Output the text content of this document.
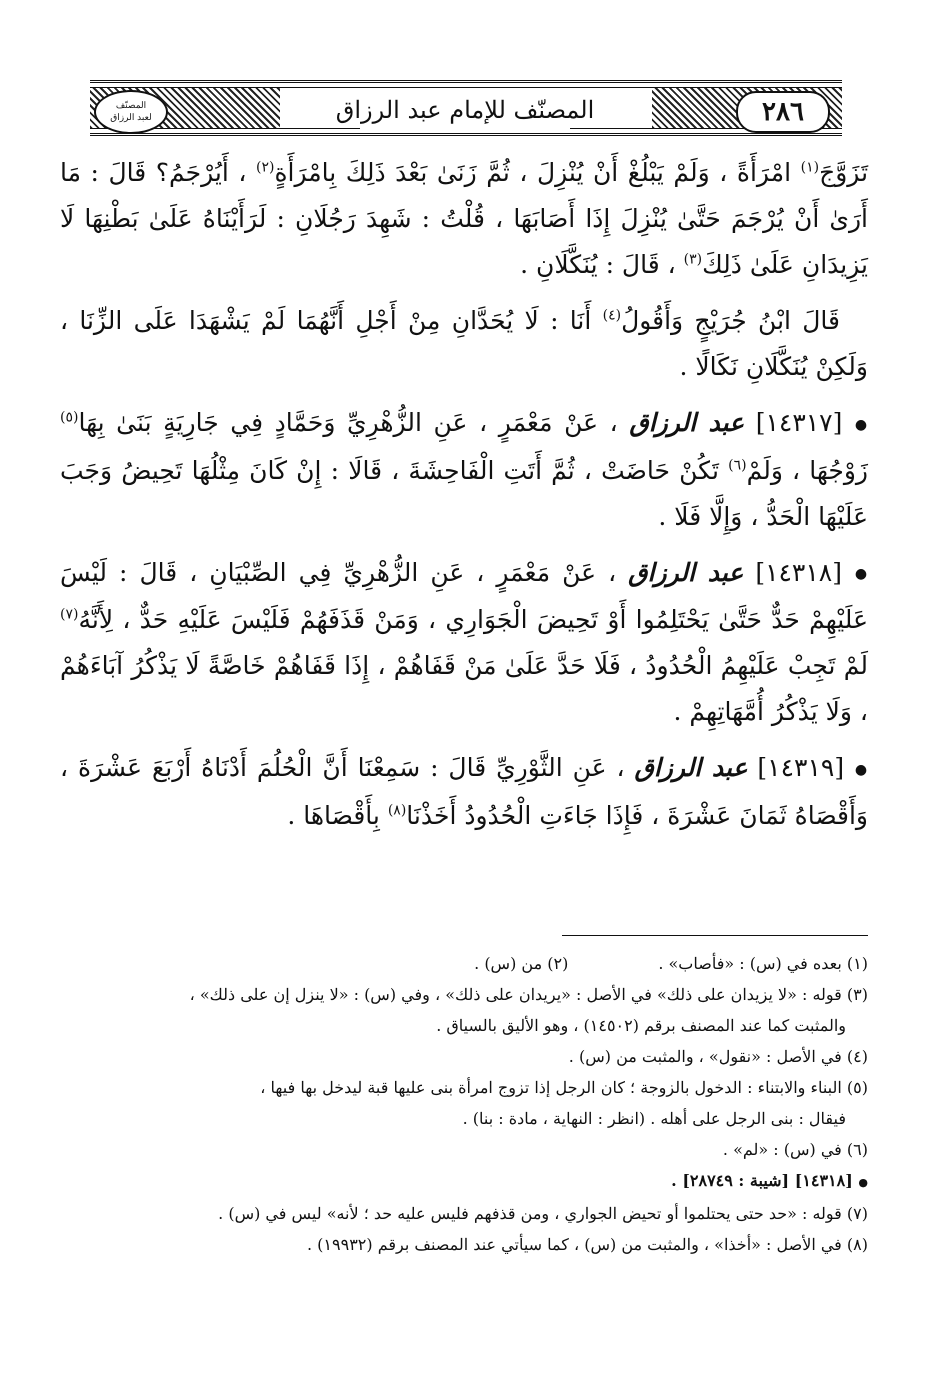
المصنّف
لعبد الرزاق	المصنّف للإمام عبد الرزاق	٢٨٦

تَزَوَّجَ$^{(١)}$ امْرَأَةً ، وَلَمْ يَبْلُغْ أَنْ يُنْزِلَ ، ثُمَّ زَنَىٰ بَعْدَ ذَلِكَ بِامْرَأَةٍ$^{(٢)}$ ، أَيُرْجَمُ؟ قَالَ : مَا أَرَىٰ أَنْ يُرْجَمَ حَتَّىٰ يُنْزِلَ إِذَا أَصَابَهَا ، قُلْتُ : شَهِدَ رَجُلَانِ : لَرَأَيْنَاهُ عَلَىٰ بَطْنِهَا لَا يَزِيدَانِ عَلَىٰ ذَلِكَ$^{(٣)}$ ، قَالَ : يُنَكَّلَانِ .

قَالَ ابْنُ جُرَيْجٍ وَأَقُولُ$^{(٤)}$ أَنَا : لَا يُحَدَّانِ مِنْ أَجْلِ أَنَّهُمَا لَمْ يَشْهَدَا عَلَى الزِّنَا ، وَلَكِنْ يُنَكَّلَانِ نَكَالًا .

● [١٤٣١٧] عبد الرزاق ، عَنْ مَعْمَرٍ ، عَنِ الزُّهْرِيِّ وَحَمَّادٍ فِي جَارِيَةٍ بَنَىٰ بِهَا$^{(٥)}$ زَوْجُهَا ، وَلَمْ$^{(٦)}$ تَكُنْ حَاضَتْ ، ثُمَّ أَتَتِ الْفَاحِشَةَ ، قَالَا : إِنْ كَانَ مِثْلُهَا تَحِيضُ وَجَبَ عَلَيْهَا الْحَدُّ ، وَإِلَّا فَلَا .

● [١٤٣١٨] عبد الرزاق ، عَنْ مَعْمَرٍ ، عَنِ الزُّهْرِيِّ فِي الصِّبْيَانِ ، قَالَ : لَيْسَ عَلَيْهِمْ حَدٌّ حَتَّىٰ يَحْتَلِمُوا أَوْ تَحِيضَ الْجَوَارِي ، وَمَنْ قَذَفَهُمْ فَلَيْسَ عَلَيْهِ حَدٌّ ، لِأَنَّهُ$^{(٧)}$ لَمْ تَجِبْ عَلَيْهِمُ الْحُدُودُ ، فَلَا حَدَّ عَلَىٰ مَنْ قَفَاهُمْ ، إِذَا قَفَاهُمْ خَاصَّةً لَا يَذْكُرُ آبَاءَهُمْ ، وَلَا يَذْكُرُ أُمَّهَاتِهِمْ .

● [١٤٣١٩] عبد الرزاق ، عَنِ الثَّوْرِيِّ قَالَ : سَمِعْنَا أَنَّ الْحُلُمَ أَدْنَاهُ أَرْبَعَ عَشْرَةَ ، وَأَقْصَاهُ ثَمَانَ عَشْرَةَ ، فَإِذَا جَاءَتِ الْحُدُودُ أَخَذْنَا$^{(٨)}$ بِأَقْصَاهَا .

(١) بعده في (س) : «فأصاب» .
(٢) من (س) .

(٣) قوله : «لا يزيدان على ذلك» في الأصل : «يريدان على ذلك» ، وفي (س) : «لا ينزل إن على ذلك» ،
والمثبت كما عند المصنف برقم (١٤٥٠٢) ، وهو الأليق بالسياق .

(٤) في الأصل : «نقول» ، والمثبت من (س) .

(٥) البناء والابتناء : الدخول بالزوجة ؛ كان الرجل إذا تزوج امرأة بنى عليها قبة ليدخل بها فيها ،
فيقال : بنى الرجل على أهله . (انظر : النهاية ، مادة : بنا) .

(٦) في (س) : «لم» .

● [١٤٣١٨] [شيبة : ٢٨٧٤٩] .

(٧) قوله : «حد حتى يحتلموا أو تحيض الجواري ، ومن قذفهم فليس عليه حد ؛ لأنه» ليس في (س) .

(٨) في الأصل : «أخذا» ، والمثبت من (س) ، كما سيأتي عند المصنف برقم (١٩٩٣٢) .
